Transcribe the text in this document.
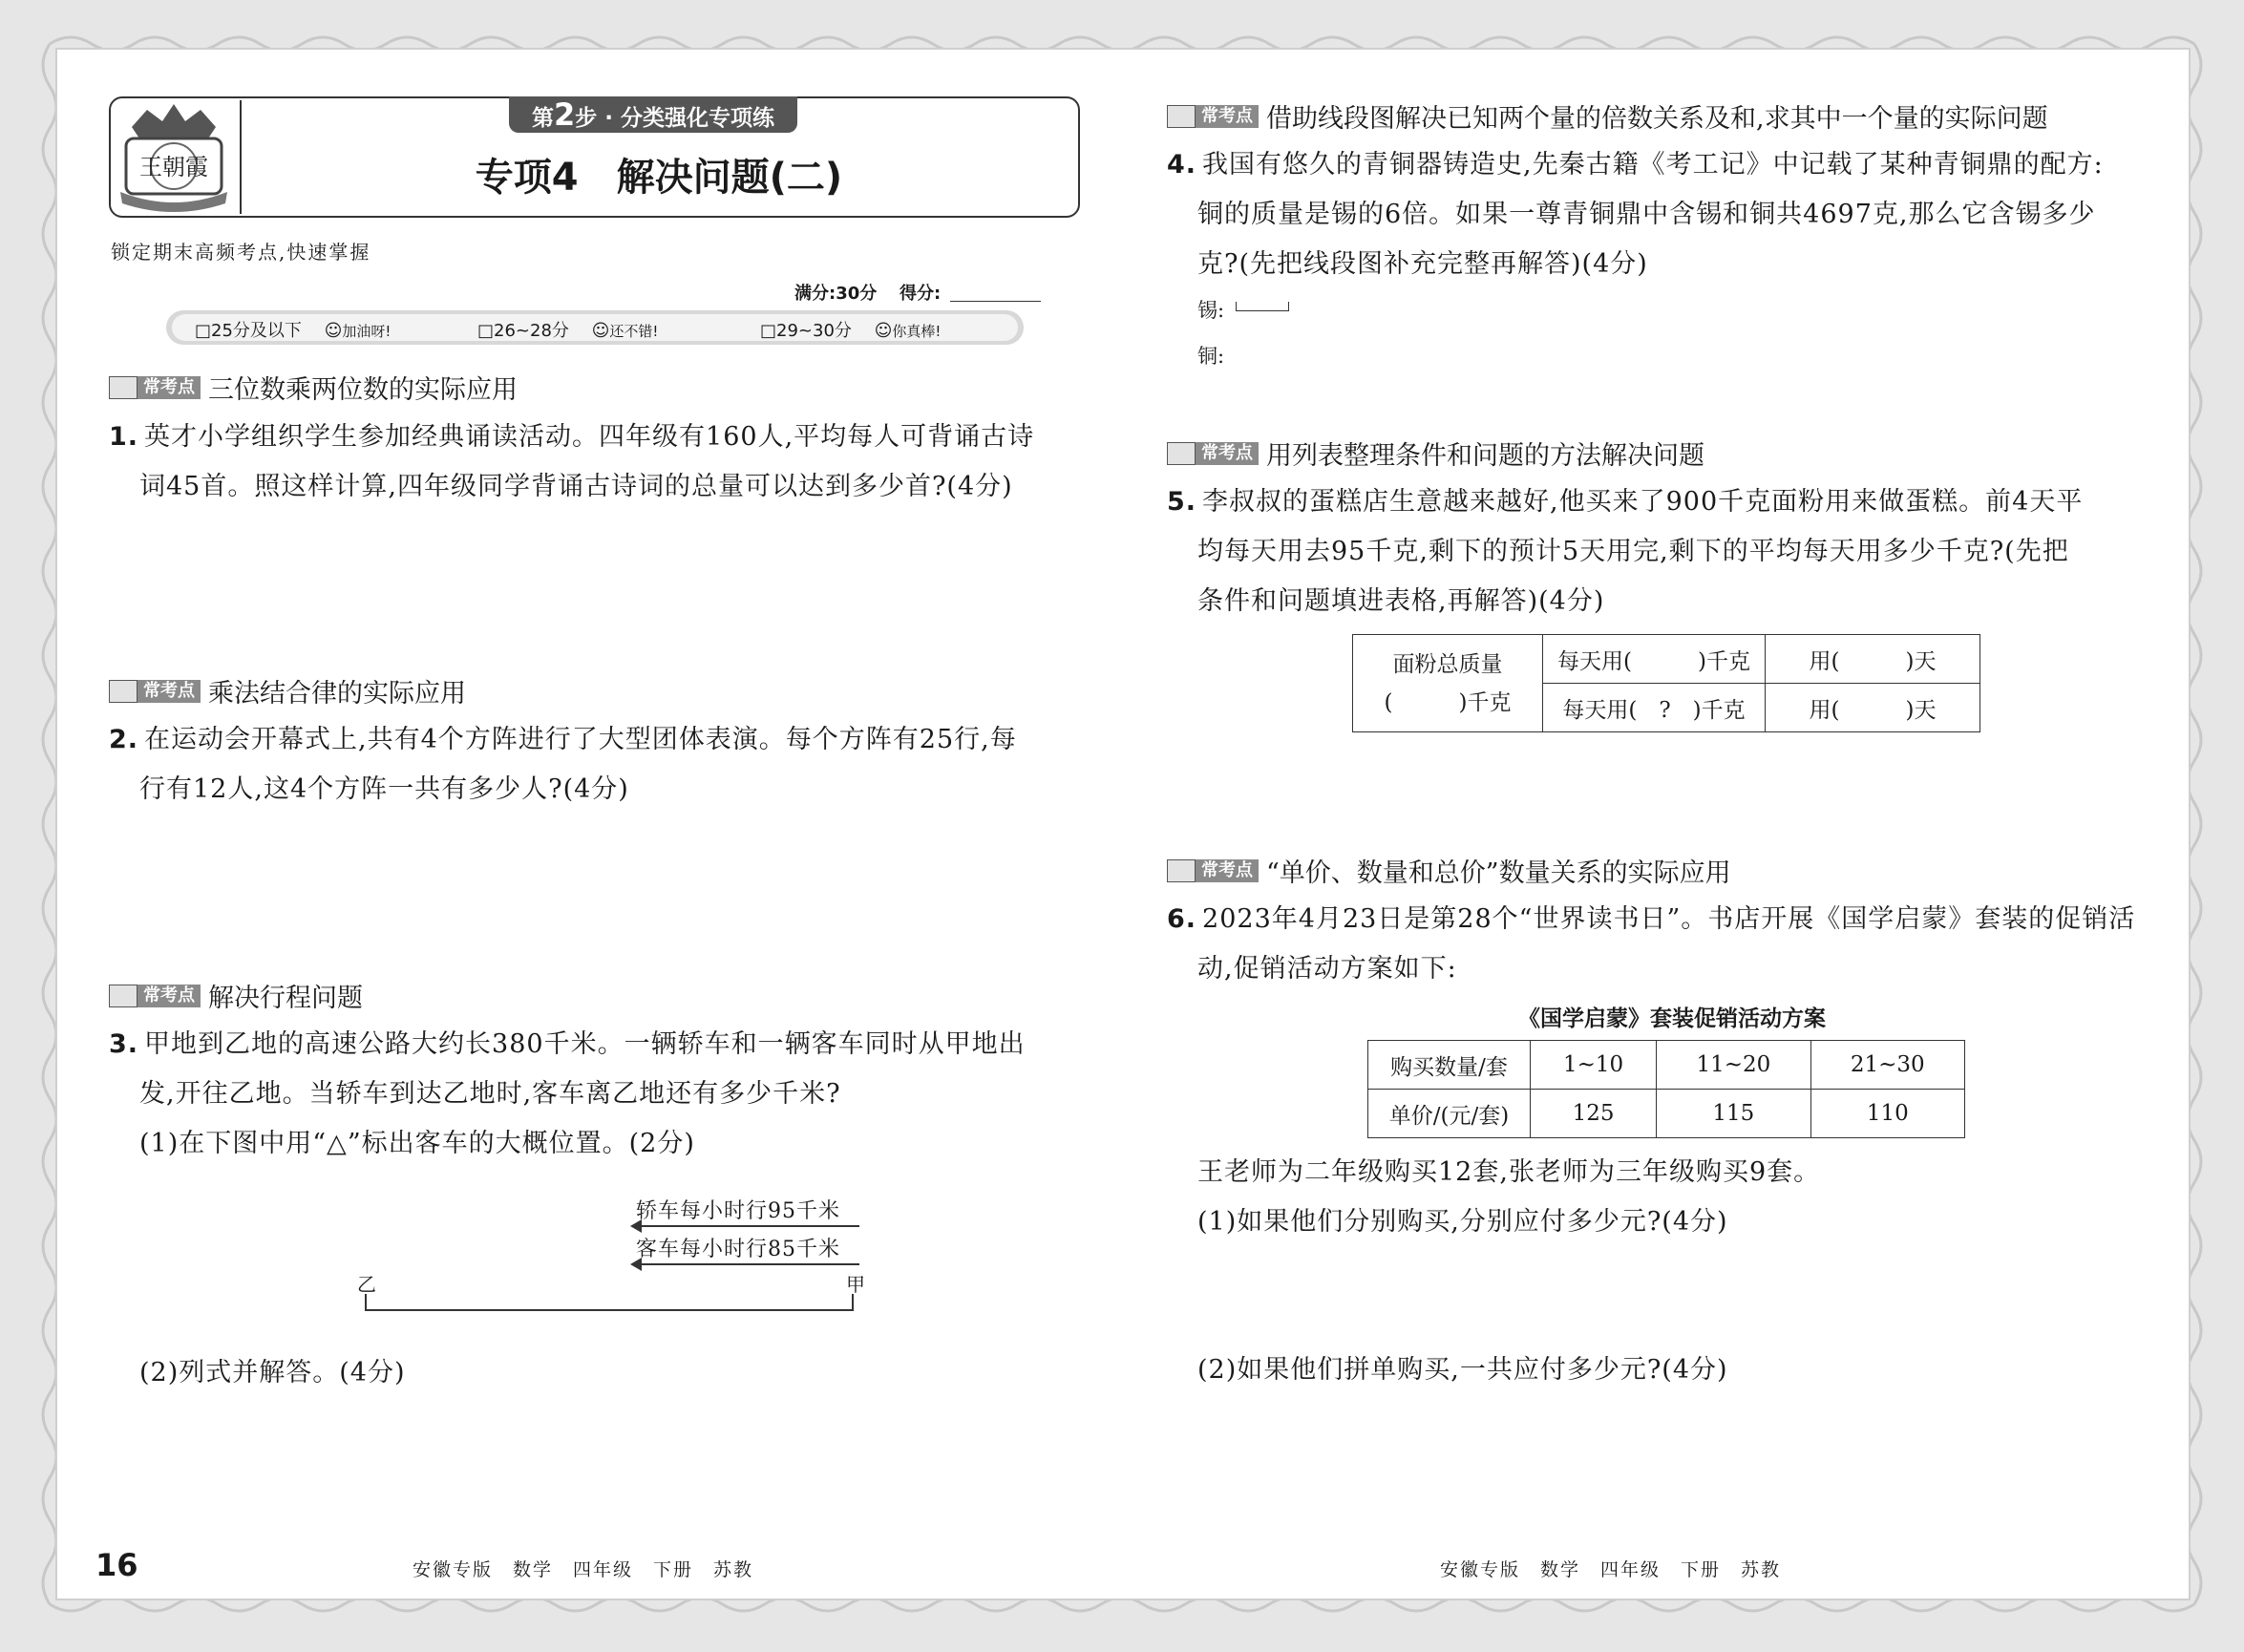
王朝霞
第2步 · 分类强化专项练
专项4　解决问题(二)
锁定期末高频考点,快速掌握
满分:30分 得分:
□25分及以下 ☺加油呀!	□26~28分 ☺还不错!	□29~30分 ☺你真棒!
常考点 三位数乘两位数的实际应用
1. 英才小学组织学生参加经典诵读活动。四年级有160人,平均每人可背诵古诗
词45首。照这样计算,四年级同学背诵古诗词的总量可以达到多少首?(4分)
常考点 乘法结合律的实际应用
2. 在运动会开幕式上,共有4个方阵进行了大型团体表演。每个方阵有25行,每
行有12人,这4个方阵一共有多少人?(4分)
常考点 解决行程问题
3. 甲地到乙地的高速公路大约长380千米。一辆轿车和一辆客车同时从甲地出
发,开往乙地。当轿车到达乙地时,客车离乙地还有多少千米?
(1)在下图中用“△”标出客车的大概位置。(2分)
轿车每小时行95千米
客车每小时行85千米
乙	甲
(2)列式并解答。(4分)
16	安徽专版　数学　四年级　下册　苏教
常考点 借助线段图解决已知两个量的倍数关系及和,求其中一个量的实际问题
4. 我国有悠久的青铜器铸造史,先秦古籍《考工记》中记载了某种青铜鼎的配方:
铜的质量是锡的6倍。如果一尊青铜鼎中含锡和铜共4697克,那么它含锡多少
克?(先把线段图补充完整再解答)(4分)
锡:
铜:
常考点 用列表整理条件和问题的方法解决问题
5. 李叔叔的蛋糕店生意越来越好,他买来了900千克面粉用来做蛋糕。前4天平
均每天用去95千克,剩下的预计5天用完,剩下的平均每天用多少千克?(先把
条件和问题填进表格,再解答)(4分)
面粉总质量
(　　　)千克	每天用(　　　)千克	用(　　　)天
	每天用(　?　)千克	用(　　　)天
常考点 “单价、数量和总价”数量关系的实际应用
6. 2023年4月23日是第28个“世界读书日”。书店开展《国学启蒙》套装的促销活
动,促销活动方案如下:
《国学启蒙》套装促销活动方案
购买数量/套	1~10	11~20	21~30
单价/(元/套)	125	115	110
王老师为二年级购买12套,张老师为三年级购买9套。
(1)如果他们分别购买,分别应付多少元?(4分)
(2)如果他们拼单购买,一共应付多少元?(4分)
安徽专版　数学　四年级　下册　苏教
